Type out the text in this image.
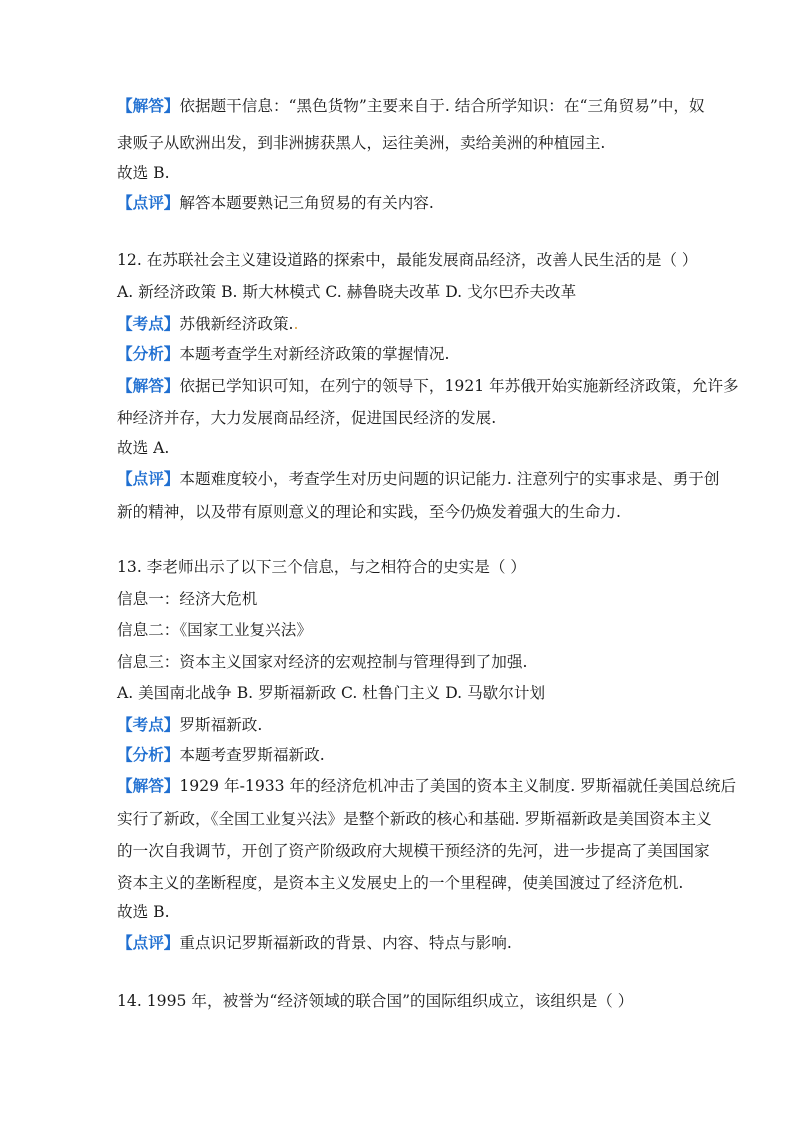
【解答】依据题干信息：“黑色货物”主要来自于. 结合所学知识：在“三角贸易”中，奴
隶贩子从欧洲出发，到非洲掳获黑人，运往美洲，卖给美洲的种植园主.
故选 B.
【点评】解答本题要熟记三角贸易的有关内容.
12. 在苏联社会主义建设道路的探索中，最能发展商品经济，改善人民生活的是（ ）
A. 新经济政策 B. 斯大林模式 C. 赫鲁晓夫改革 D. 戈尔巴乔夫改革
【考点】苏俄新经济政策..
【分析】本题考查学生对新经济政策的掌握情况.
【解答】依据已学知识可知，在列宁的领导下，1921 年苏俄开始实施新经济政策，允许多
种经济并存，大力发展商品经济，促进国民经济的发展.
故选 A.
【点评】本题难度较小，考查学生对历史问题的识记能力. 注意列宁的实事求是、勇于创
新的精神，以及带有原则意义的理论和实践，至今仍焕发着强大的生命力.
13. 李老师出示了以下三个信息，与之相符合的史实是（ ）
信息一：经济大危机
信息二：《国家工业复兴法》
信息三：资本主义国家对经济的宏观控制与管理得到了加强.
A. 美国南北战争 B. 罗斯福新政 C. 杜鲁门主义 D. 马歇尔计划
【考点】罗斯福新政.
【分析】本题考查罗斯福新政.
【解答】1929 年-1933 年的经济危机冲击了美国的资本主义制度. 罗斯福就任美国总统后
实行了新政，《全国工业复兴法》是整个新政的核心和基础. 罗斯福新政是美国资本主义
的一次自我调节，开创了资产阶级政府大规模干预经济的先河，进一步提高了美国国家
资本主义的垄断程度，是资本主义发展史上的一个里程碑，使美国渡过了经济危机.
故选 B.
【点评】重点识记罗斯福新政的背景、内容、特点与影响.
14. 1995 年，被誉为“经济领域的联合国”的国际组织成立，该组织是（ ）
